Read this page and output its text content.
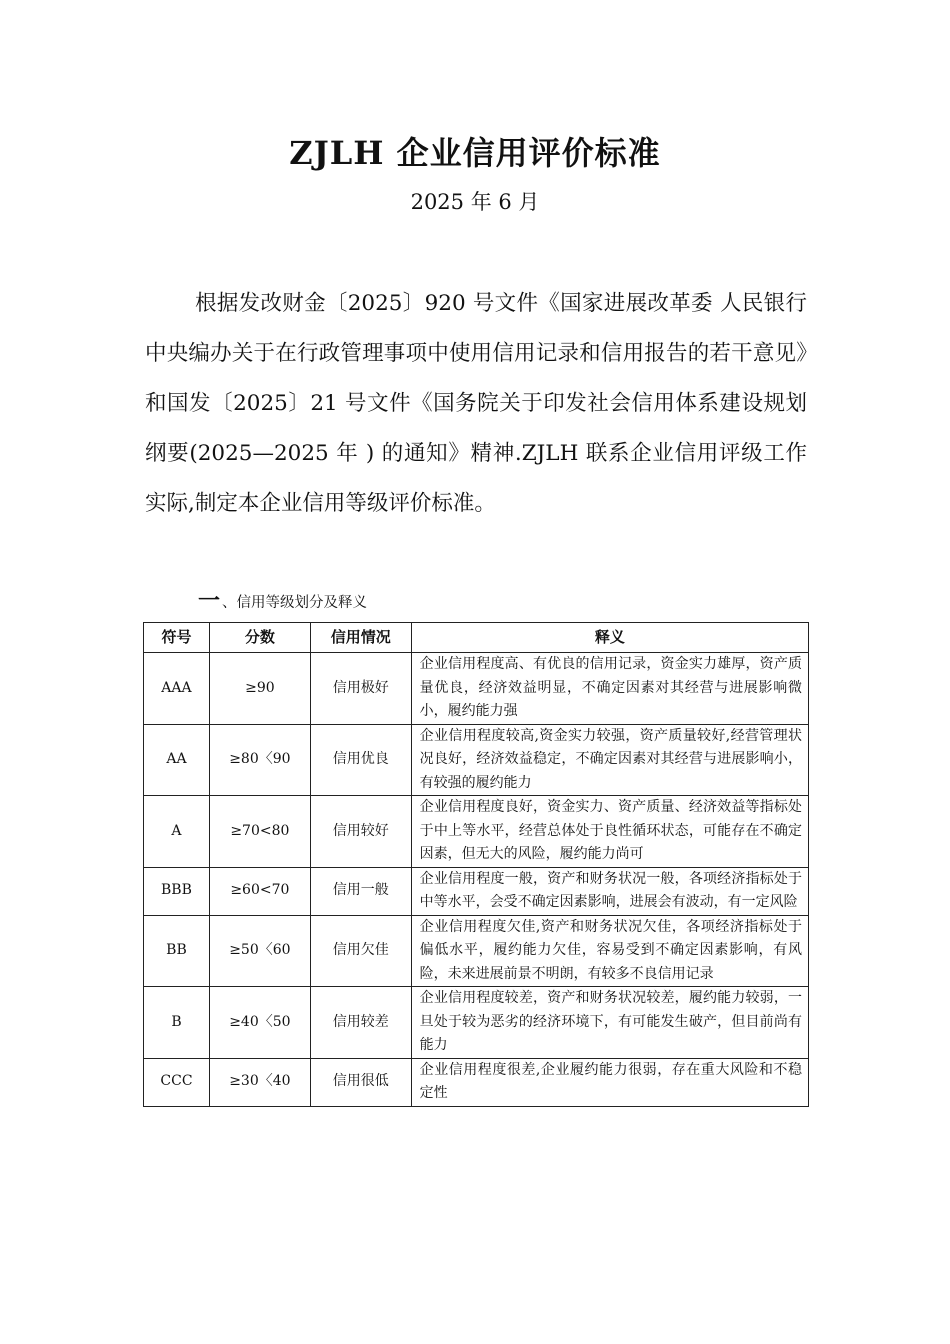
ZJLH 企业信用评价标准
2025 年 6 月

根据发改财金〔2025〕920 号文件《国家进展改革委 人民银行 中央编办关于在行政管理事项中使用信用记录和信用报告的若干意见》和国发〔2025〕21 号文件《国务院关于印发社会信用体系建设规划纲要(2025—2025 年 ) 的通知》精神.ZJLH 联系企业信用评级工作实际,制定本企业信用等级评价标准。

一 、信用等级划分及释义
符号	分数	信用情况	释义
AAA	≥90	信用极好	企业信用程度高、有优良的信用记录，资金实力雄厚，资产质量优良，经济效益明显，不确定因素对其经营与进展影响微小，履约能力强
AA	≥80〈90	信用优良	企业信用程度较高,资金实力较强，资产质量较好,经营管理状况良好，经济效益稳定，不确定因素对其经营与进展影响小，有较强的履约能力
A	≥70<80	信用较好	企业信用程度良好，资金实力、资产质量、经济效益等指标处于中上等水平，经营总体处于良性循环状态，可能存在不确定因素，但无大的风险，履约能力尚可
BBB	≥60<70	信用一般	企业信用程度一般，资产和财务状况一般，各项经济指标处于中等水平，会受不确定因素影响，进展会有波动，有一定风险
BB	≥50〈60	信用欠佳	企业信用程度欠佳,资产和财务状况欠佳，各项经济指标处于偏低水平，履约能力欠佳，容易受到不确定因素影响，有风险，未来进展前景不明朗，有较多不良信用记录
B	≥40〈50	信用较差	企业信用程度较差，资产和财务状况较差，履约能力较弱，一旦处于较为恶劣的经济环境下，有可能发生破产，但目前尚有能力
CCC	≥30〈40	信用很低	企业信用程度很差,企业履约能力很弱，存在重大风险和不稳定性
